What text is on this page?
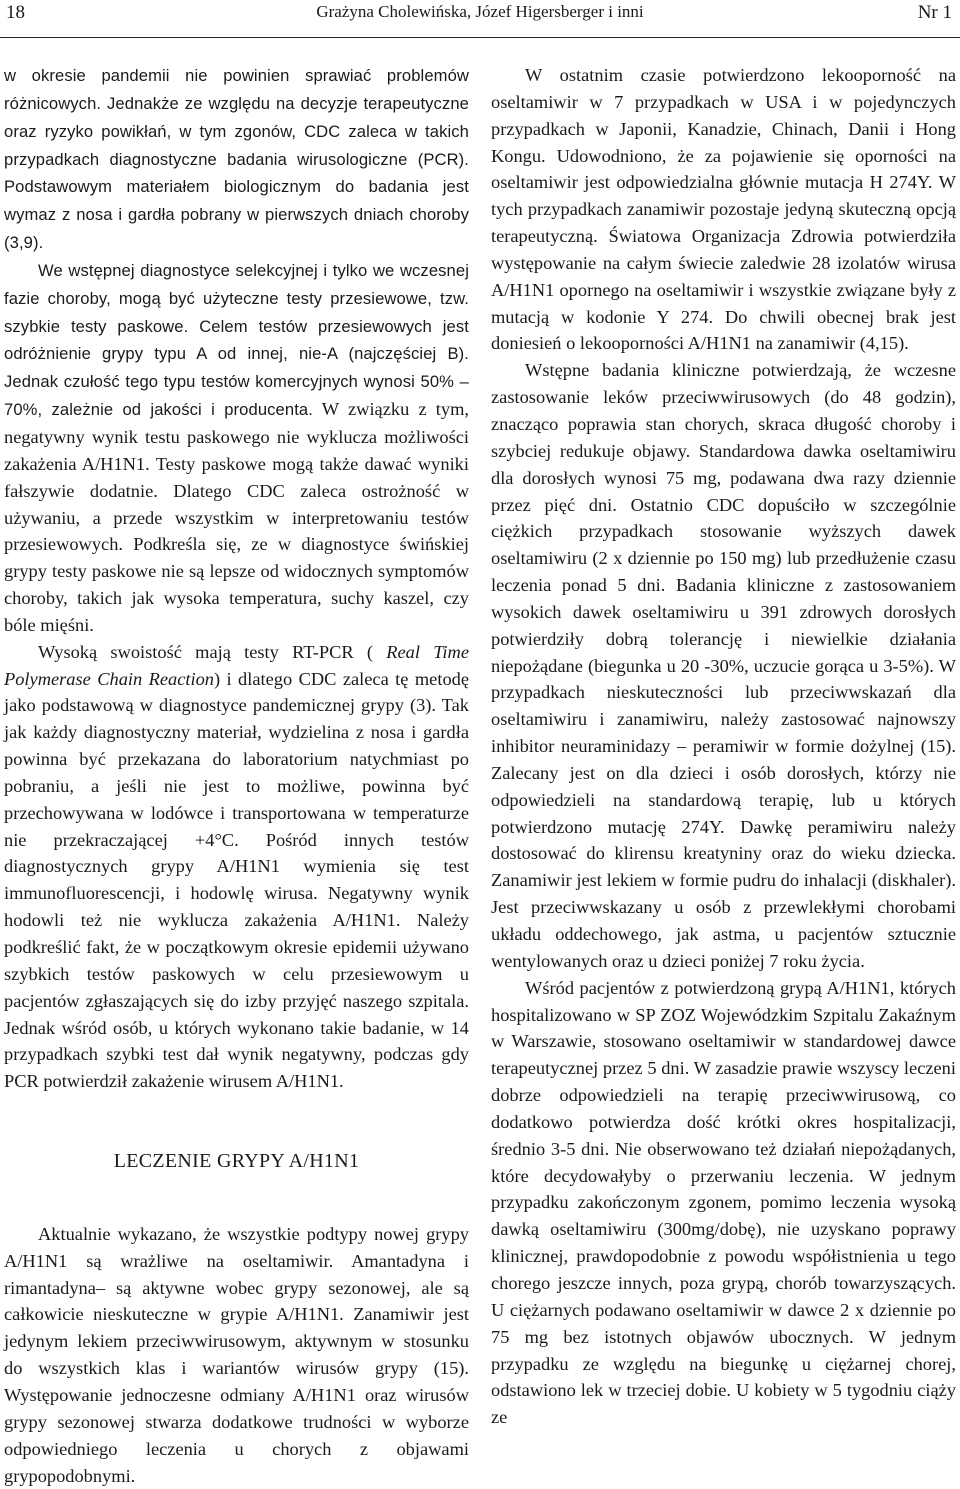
18	Grażyna Cholewińska, Józef Higersberger i inni	Nr 1

w okresie pandemii nie powinien sprawiać problemów różnicowych. Jednakże ze względu na decyzje terapeutyczne oraz ryzyko powikłań, w tym zgonów, CDC zaleca w takich przypadkach diagnostyczne badania wirusologiczne (PCR). Podstawowym materiałem biologicznym do badania jest wymaz z nosa i gardła pobrany w pierwszych dniach choroby (3,9).

We wstępnej diagnostyce selekcyjnej i tylko we wczesnej fazie choroby, mogą być użyteczne testy przesiewowe, tzw. szybkie testy paskowe. Celem testów przesiewowych jest odróżnienie grypy typu A od innej, nie-A (najczęściej B). Jednak czułość tego typu testów komercyjnych wynosi 50% – 70%, zależnie od jakości i producenta. W związku z tym, negatywny wynik testu paskowego nie wyklucza możliwości zakażenia A/H1N1. Testy paskowe mogą także dawać wyniki fałszywie dodatnie. Dlatego CDC zaleca ostrożność w używaniu, a przede wszystkim w interpretowaniu testów przesiewowych. Podkreśla się, ze w diagnostyce świńskiej grypy testy paskowe nie są lepsze od widocznych symptomów choroby, takich jak wysoka temperatura, suchy kaszel, czy bóle mięśni.

Wysoką swoistość mają testy RT-PCR ( Real Time Polymerase Chain Reaction) i dlatego CDC zaleca tę metodę jako podstawową w diagnostyce pandemicznej grypy (3). Tak jak każdy diagnostyczny materiał, wydzielina z nosa i gardła powinna być przekazana do laboratorium natychmiast po pobraniu, a jeśli nie jest to możliwe, powinna być przechowywana w lodówce i transportowana w temperaturze nie przekraczającej +4°C. Pośród innych testów diagnostycznych grypy A/H1N1 wymienia się test immunofluorescencji, i hodowlę wirusa. Negatywny wynik hodowli też nie wyklucza zakażenia A/H1N1. Należy podkreślić fakt, że w początkowym okresie epidemii używano szybkich testów paskowych w celu przesiewowym u pacjentów zgłaszających się do izby przyjęć naszego szpitala. Jednak wśród osób, u których wykonano takie badanie, w 14 przypadkach szybki test dał wynik negatywny, podczas gdy PCR potwierdził zakażenie wirusem A/H1N1.

LECZENIE GRYPY A/H1N1

Aktualnie wykazano, że wszystkie podtypy nowej grypy A/H1N1 są wrażliwe na oseltamiwir. Amantadyna i rimantadyna– są aktywne wobec grypy sezonowej, ale są całkowicie nieskuteczne w grypie A/H1N1. Zanamiwir jest jedynym lekiem przeciwwirusowym, aktywnym w stosunku do wszystkich klas i wariantów wirusów grypy (15). Występowanie jednoczesne odmiany A/H1N1 oraz wirusów grypy sezonowej stwarza dodatkowe trudności w wyborze odpowiedniego leczenia u chorych z objawami grypopodobnymi.

W ostatnim czasie potwierdzono lekooporność na oseltamiwir w 7 przypadkach w USA i w pojedynczych przypadkach w Japonii, Kanadzie, Chinach, Danii i Hong Kongu. Udowodniono, że za pojawienie się oporności na oseltamiwir jest odpowiedzialna głównie mutacja H 274Y. W tych przypadkach zanamiwir pozostaje jedyną skuteczną opcją terapeutyczną. Światowa Organizacja Zdrowia potwierdziła występowanie na całym świecie zaledwie 28 izolatów wirusa A/H1N1 opornego na oseltamiwir i wszystkie związane były z mutacją w kodonie Y 274. Do chwili obecnej brak jest doniesień o lekooporności A/H1N1 na zanamiwir (4,15).

Wstępne badania kliniczne potwierdzają, że wczesne zastosowanie leków przeciwwirusowych (do 48 godzin), znacząco poprawia stan chorych, skraca długość choroby i szybciej redukuje objawy. Standardowa dawka oseltamiwiru dla dorosłych wynosi 75 mg, podawana dwa razy dziennie przez pięć dni. Ostatnio CDC dopuściło w szczególnie ciężkich przypadkach stosowanie wyższych dawek oseltamiwiru (2 x dziennie po 150 mg) lub przedłużenie czasu leczenia ponad 5 dni. Badania kliniczne z zastosowaniem wysokich dawek oseltamiwiru u 391 zdrowych dorosłych potwierdziły dobrą tolerancję i niewielkie działania niepożądane (biegunka u 20 -30%, uczucie gorąca u 3-5%). W przypadkach nieskuteczności lub przeciwwskazań dla oseltamiwiru i zanamiwiru, należy zastosować najnowszy inhibitor neuraminidazy – peramiwir w formie dożylnej (15). Zalecany jest on dla dzieci i osób dorosłych, którzy nie odpowiedzieli na standardową terapię, lub u których potwierdzono mutację 274Y. Dawkę peramiwiru należy dostosować do klirensu kreatyniny oraz do wieku dziecka. Zanamiwir jest lekiem w formie pudru do inhalacji (diskhaler). Jest przeciwwskazany u osób z przewlekłymi chorobami układu oddechowego, jak astma, u pacjentów sztucznie wentylowanych oraz u dzieci poniżej 7 roku życia.

Wśród pacjentów z potwierdzoną grypą A/H1N1, których hospitalizowano w SP ZOZ Wojewódzkim Szpitalu Zakaźnym w Warszawie, stosowano oseltamiwir w standardowej dawce terapeutycznej przez 5 dni. W zasadzie prawie wszyscy leczeni dobrze odpowiedzieli na terapię przeciwwirusową, co dodatkowo potwierdza dość krótki okres hospitalizacji, średnio 3-5 dni. Nie obserwowano też działań niepożądanych, które decydowałyby o przerwaniu leczenia. W jednym przypadku zakończonym zgonem, pomimo leczenia wysoką dawką oseltamiwiru (300mg/dobę), nie uzyskano poprawy klinicznej, prawdopodobnie z powodu współistnienia u tego chorego jeszcze innych, poza grypą, chorób towarzyszących. U ciężarnych podawano oseltamiwir w dawce 2 x dziennie po 75 mg bez istotnych objawów ubocznych. W jednym przypadku ze względu na biegunkę u ciężarnej chorej, odstawiono lek w trzeciej dobie. U kobiety w 5 tygodniu ciąży ze
